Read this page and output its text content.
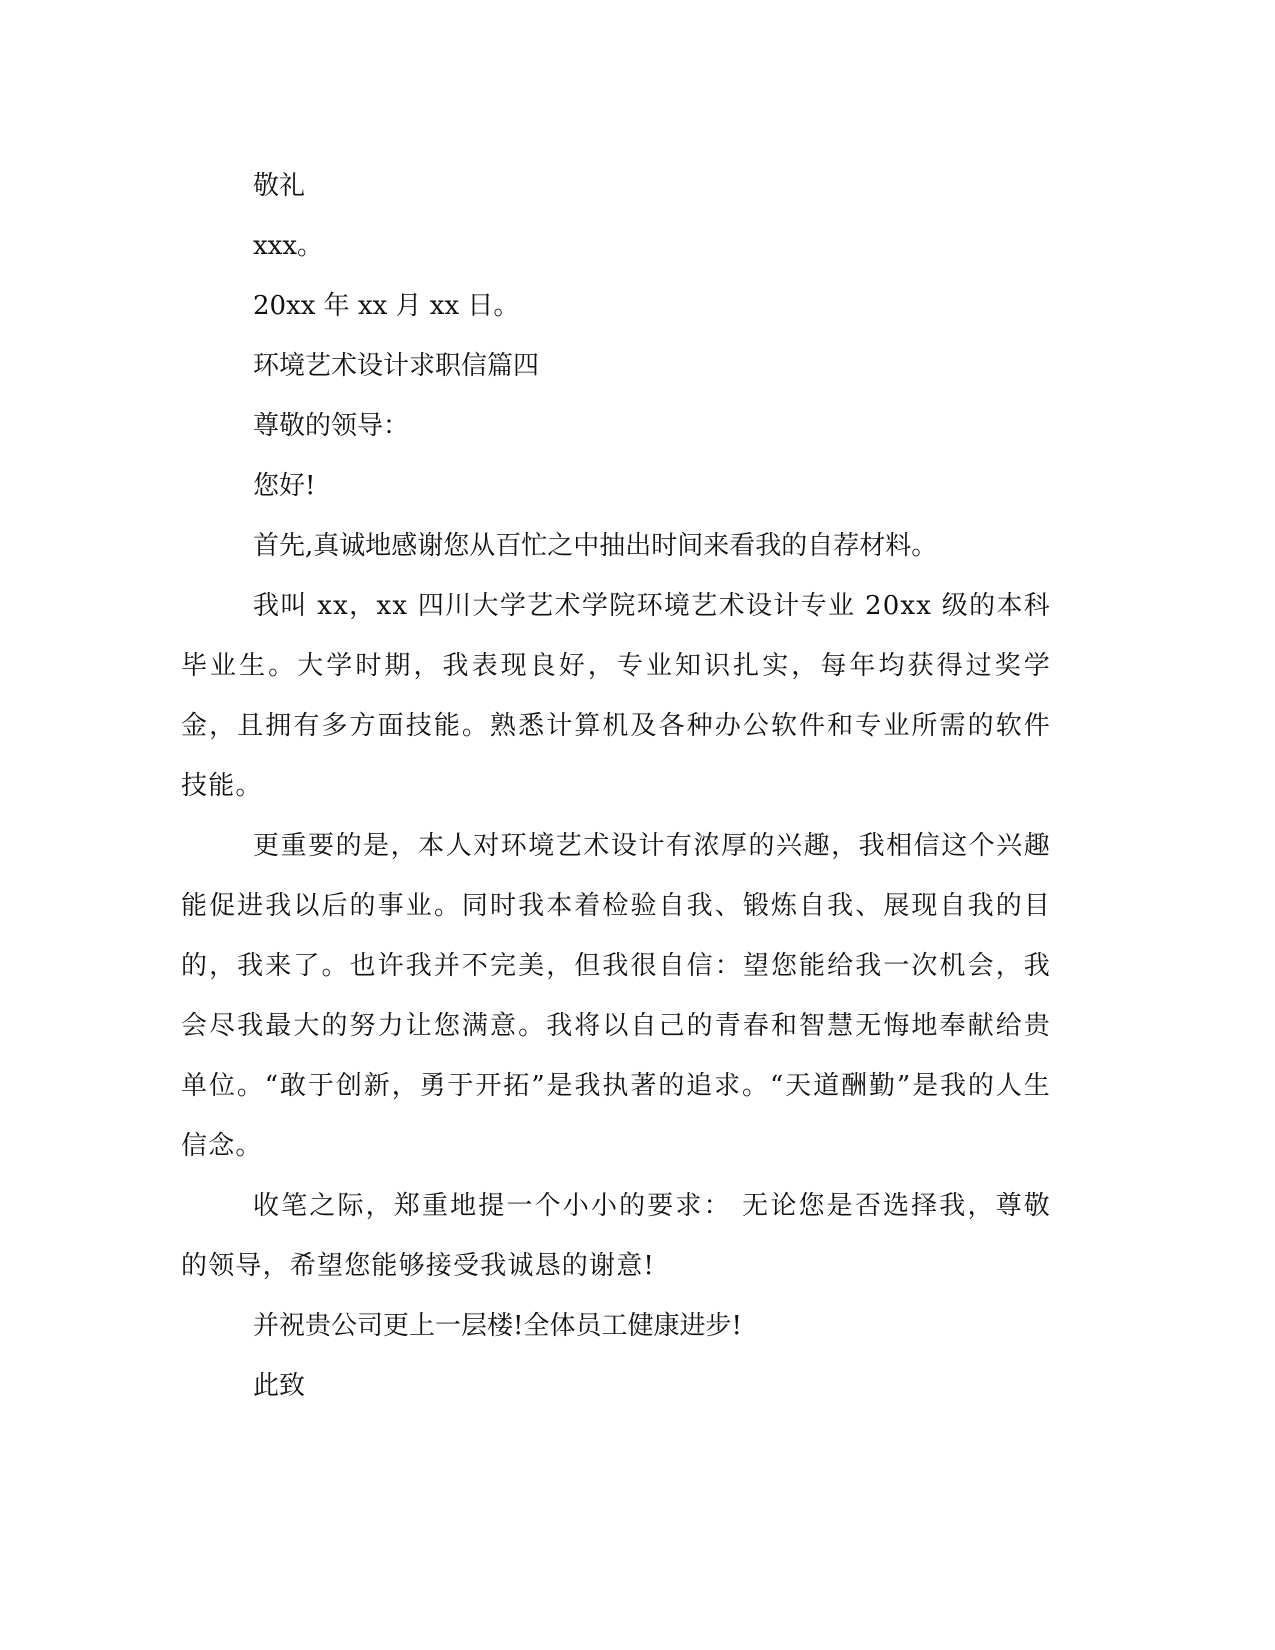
敬礼

xxx。

20xx 年 xx 月 xx 日。

环境艺术设计求职信篇四

尊敬的领导：

您好!

首先,真诚地感谢您从百忙之中抽出时间来看我的自荐材料。

我叫 xx，xx 四川大学艺术学院环境艺术设计专业 20xx 级的本科毕业生。大学时期，我表现良好，专业知识扎实，每年均获得过奖学金，且拥有多方面技能。熟悉计算机及各种办公软件和专业所需的软件技能。

更重要的是，本人对环境艺术设计有浓厚的兴趣，我相信这个兴趣能促进我以后的事业。同时我本着检验自我、锻炼自我、展现自我的目的，我来了。也许我并不完美，但我很自信：望您能给我一次机会，我会尽我最大的努力让您满意。我将以自己的青春和智慧无悔地奉献给贵单位。“敢于创新，勇于开拓”是我执著的追求。“天道酬勤”是我的人生信念。

收笔之际，郑重地提一个小小的要求： 无论您是否选择我，尊敬的领导，希望您能够接受我诚恳的谢意!

并祝贵公司更上一层楼!全体员工健康进步!

此致
